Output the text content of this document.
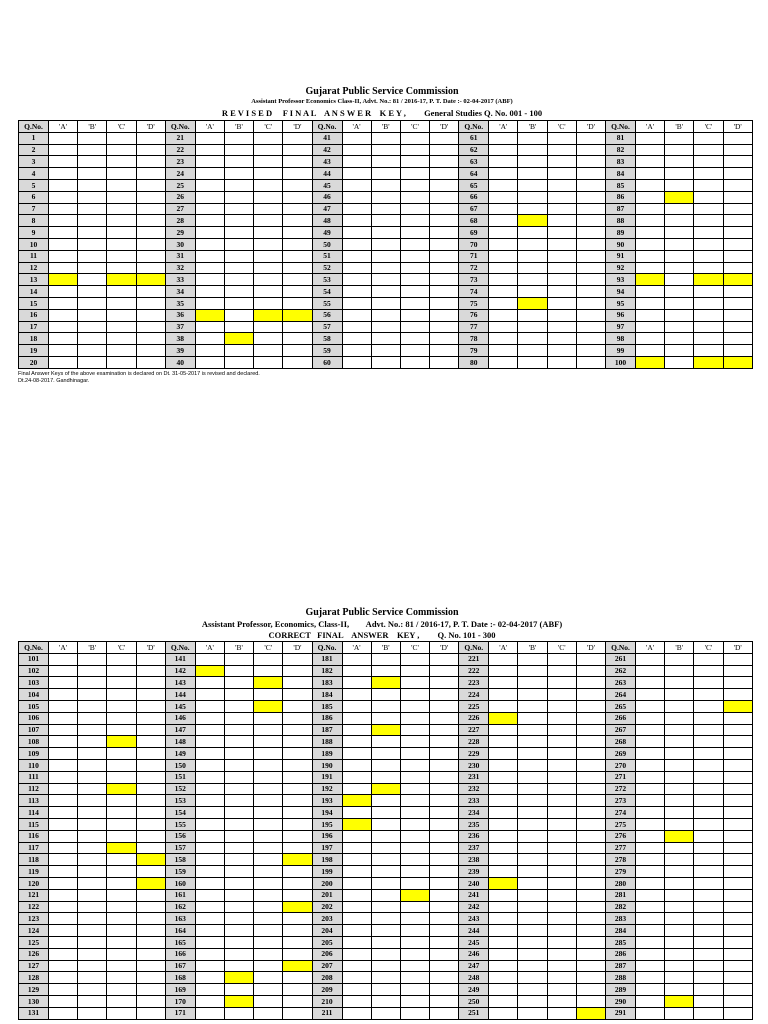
Gujarat Public Service Commission
Assistant Professor Economics Class-II, Advt. No.: 81 / 2016-17, P. T. Date :- 02-04-2017 (ABF)
R E V I S E D     F I N A L    A N S W E R    K E Y , General Studies Q. No. 001 - 100
Q.No.	'A'	'B'	'C'	'D'	Q.No.	'A'	'B'	'C'	'D'	Q.No.	'A'	'B'	'C'	'D'	Q.No.	'A'	'B'	'C'	'D'	Q.No.	'A'	'B'	'C'	'D'
1					21					41					61					81				
2					22					42					62					82				
3					23					43					63					83				
4					24					44					64					84				
5					25					45					65					85				
6					26					46					66					86				
7					27					47					67					87				
8					28					48					68					88				
9					29					49					69					89				
10					30					50					70					90				
11					31					51					71					91				
12					32					52					72					92				
13					33					53					73					93				
14					34					54					74					94				
15					35					55					75					95				
16					36					56					76					96				
17					37					57					77					97				
18					38					58					78					98				
19					39					59					79					99				
20					40					60					80					100				
Final Answer Keys of the above examination is declared on Dt. 31-05-2017 is revised and declared.
Dt.24-08-2017. Gandhinagar.
Gujarat Public Service Commission
Assistant Professor, Economics, Class-II,        Advt. No.: 81 / 2016-17, P. T. Date :- 02-04-2017 (ABF)
CORRECT   FINAL    ANSWER    KEY , Q. No. 101 - 300
Q.No.	'A'	'B'	'C'	'D'	Q.No.	'A'	'B'	'C'	'D'	Q.No.	'A'	'B'	'C'	'D'	Q.No.	'A'	'B'	'C'	'D'	Q.No.	'A'	'B'	'C'	'D'
101					141					181					221					261				
102					142					182					222					262				
103					143					183					223					263				
104					144					184					224					264				
105					145					185					225					265				
106					146					186					226					266				
107					147					187					227					267				
108					148					188					228					268				
109					149					189					229					269				
110					150					190					230					270				
111					151					191					231					271				
112					152					192					232					272				
113					153					193					233					273				
114					154					194					234					274				
115					155					195					235					275				
116					156					196					236					276				
117					157					197					237					277				
118					158					198					238					278				
119					159					199					239					279				
120					160					200					240					280				
121					161					201					241					281				
122					162					202					242					282				
123					163					203					243					283				
124					164					204					244					284				
125					165					205					245					285				
126					166					206					246					286				
127					167					207					247					287				
128					168					208					248					288				
129					169					209					249					289				
130					170					210					250					290				
131					171					211					251					291				
